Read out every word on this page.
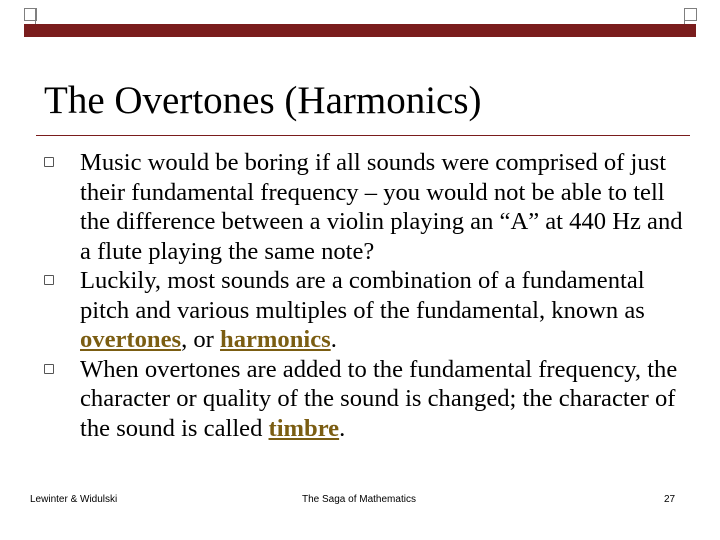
The Overtones (Harmonics)
Music would be boring if all sounds were comprised of just their fundamental frequency – you would not be able to tell the difference between a violin playing an “A” at 440 Hz and a flute playing the same note?
Luckily, most sounds are a combination of a fundamental pitch and various multiples of the fundamental, known as overtones, or harmonics.
When overtones are added to the fundamental frequency, the character or quality of the sound is changed; the character of the sound is called timbre.
Lewinter & Widulski	The Saga of Mathematics	27
